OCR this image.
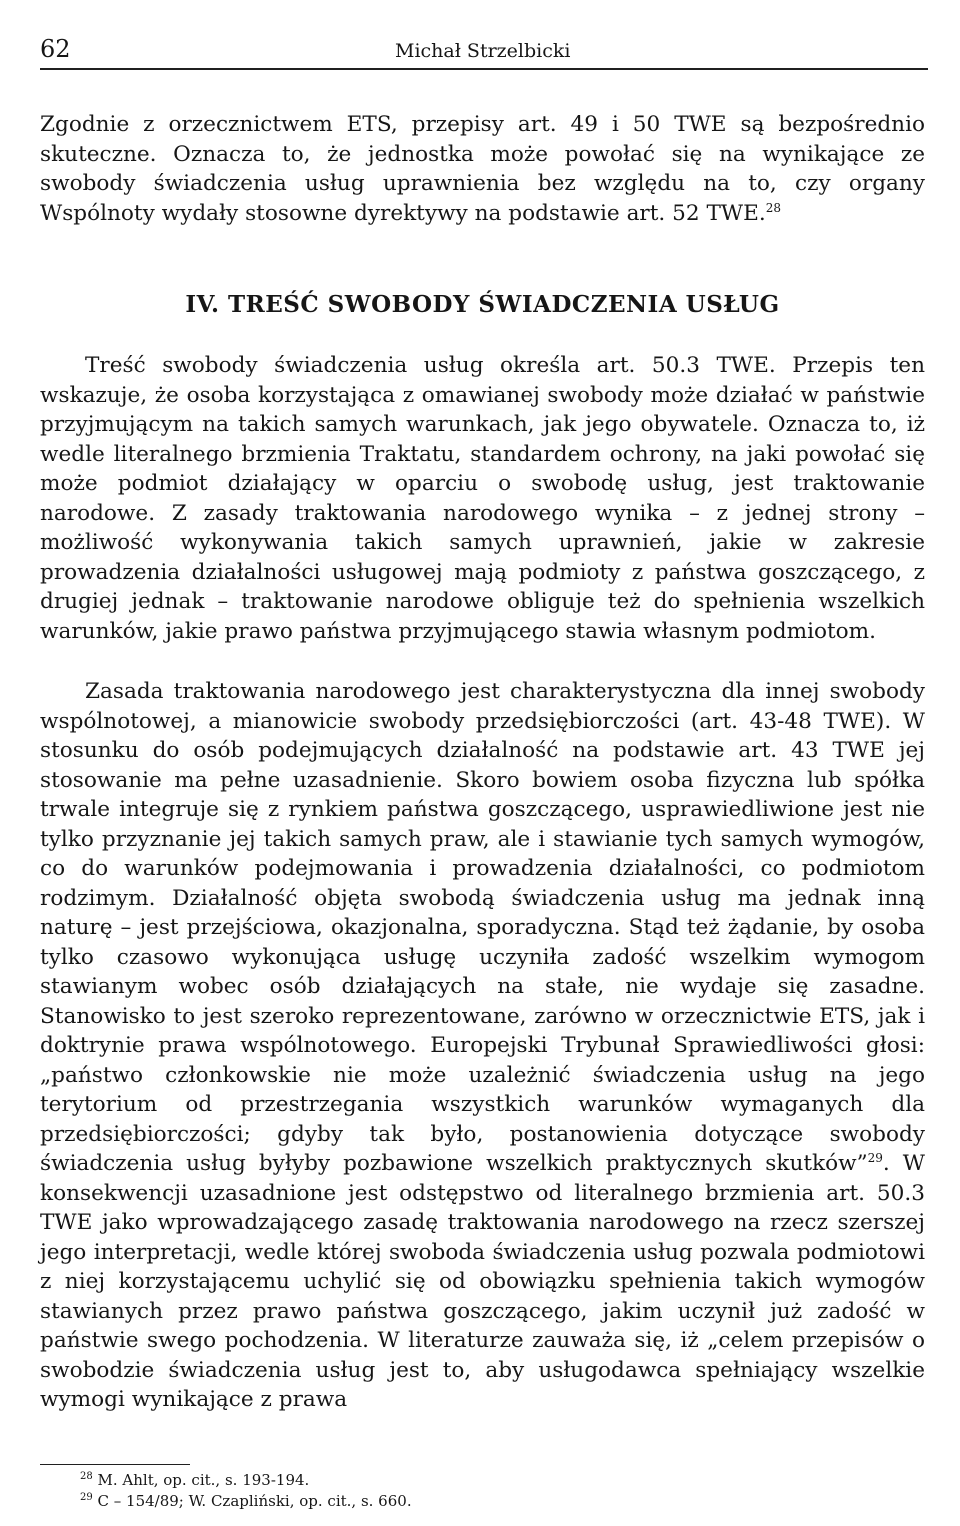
62	Michał Strzelbicki

Zgodnie z orzecznictwem ETS, przepisy art. 49 i 50 TWE są bezpośrednio skuteczne. Oznacza to, że jednostka może powołać się na wynikające ze swobody świadczenia usług uprawnienia bez względu na to, czy organy Wspólnoty wydały stosowne dyrektywy na podstawie art. 52 TWE.$^{28}$

IV. TREŚĆ SWOBODY ŚWIADCZENIA USŁUG

Treść swobody świadczenia usług określa art. 50.3 TWE. Przepis ten wskazuje, że osoba korzystająca z omawianej swobody może działać w państwie przyjmującym na takich samych warunkach, jak jego obywatele. Oznacza to, iż wedle literalnego brzmienia Traktatu, standardem ochrony, na jaki powołać się może podmiot działający w oparciu o swobodę usług, jest traktowanie narodowe. Z zasady traktowania narodowego wynika – z jednej strony – możliwość wykonywania takich samych uprawnień, jakie w zakresie prowadzenia działalności usługowej mają podmioty z państwa goszczącego, z drugiej jednak – traktowanie narodowe obliguje też do spełnienia wszelkich warunków, jakie prawo państwa przyjmującego stawia własnym podmiotom.

Zasada traktowania narodowego jest charakterystyczna dla innej swobody wspólnotowej, a mianowicie swobody przedsiębiorczości (art. 43-48 TWE). W stosunku do osób podejmujących działalność na podstawie art. 43 TWE jej stosowanie ma pełne uzasadnienie. Skoro bowiem osoba fizyczna lub spółka trwale integruje się z rynkiem państwa goszczącego, usprawiedliwione jest nie tylko przyznanie jej takich samych praw, ale i stawianie tych samych wymogów, co do warunków podejmowania i prowadzenia działalności, co podmiotom rodzimym. Działalność objęta swobodą świadczenia usług ma jednak inną naturę – jest przejściowa, okazjonalna, sporadyczna. Stąd też żądanie, by osoba tylko czasowo wykonująca usługę uczyniła zadość wszelkim wymogom stawianym wobec osób działających na stałe, nie wydaje się zasadne. Stanowisko to jest szeroko reprezentowane, zarówno w orzecznictwie ETS, jak i doktrynie prawa wspólnotowego. Europejski Trybunał Sprawiedliwości głosi: „państwo członkowskie nie może uzależnić świadczenia usług na jego terytorium od przestrzegania wszystkich warunków wymaganych dla przedsiębiorczości; gdyby tak było, postanowienia dotyczące swobody świadczenia usług byłyby pozbawione wszelkich praktycznych skutków”$^{29}$. W konsekwencji uzasadnione jest odstępstwo od literalnego brzmienia art. 50.3 TWE jako wprowadzającego zasadę traktowania narodowego na rzecz szerszej jego interpretacji, wedle której swoboda świadczenia usług pozwala podmiotowi z niej korzystającemu uchylić się od obowiązku spełnienia takich wymogów stawianych przez prawo państwa goszczącego, jakim uczynił już zadość w państwie swego pochodzenia. W literaturze zauważa się, iż „celem przepisów o swobodzie świadczenia usług jest to, aby usługodawca spełniający wszelkie wymogi wynikające z prawa

$^{28}$ M. Ahlt, op. cit., s. 193-194.
$^{29}$ C – 154/89; W. Czapliński, op. cit., s. 660.
